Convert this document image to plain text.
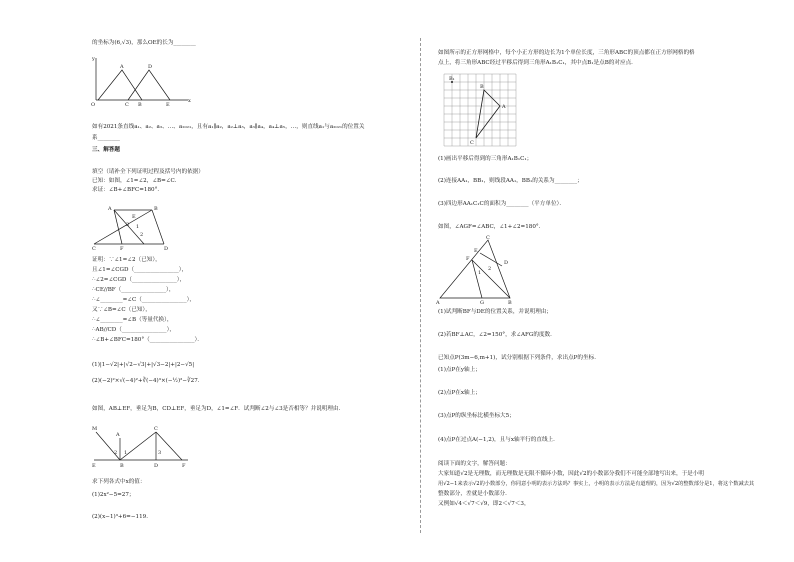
的坐标为(6,√3)，那么OE的长为________
y
A	D
O	C B	E
x
如有2021条直线a₁、a₂、a₃、…、a₂₀₂₁，且有a₁∥a₂，a₂⊥a₃，a₃∥a₄，a₄⊥a₅，…，则直线a₁与a₂₀₂₁的位置关
系________
三、解答题
填空（请补全下列证明过程及括号内的依据）
已知：如图，∠1=∠2，∠B=∠C．
求证：∠B+∠BFC=180°．
A	B
C	D
E
F
3 1
2
证明：∵∠1=∠2（已知），
且∠1=∠CGD（________________），
∴∠2=∠CGD（________________），
∴CE//BF（________________），
∴∠________=∠C（________________），
又∵∠B=∠C（已知），
∴∠________=∠B（等量代换），
∴AB//CD（________________），
∴∠B+∠BFC=180°（________________）．
(1)|1−√2|+|√2−√3|+|√3−2|+|2−√5|
(2)(−2)²×√(−4)²+∛(−4)³×(−½)²−∛27．
如图，AB⊥EF，垂足为B，CD⊥EF，垂足为D，∠1=∠F．试判断∠2与∠3是否相等？并说明理由．
M
A
C
2 1	3
E	B	D	F
求下列各式中x的值：
(1)2x²−5=27；
(2)(x−1)³+6=−119．
如图所示的正方形网格中，每个小正方形的边长为1个单位长度，三角形ABC的顶点都在正方形网格的格
点上，将三角形ABC经过平移后得到三角形A₁B₁C₁，其中点B₁是点B的对应点．
B₁
B
A
C
(1)画出平移后得到的三角形A₁B₁C₁；
(2)连接AA₁，BB₁，则线段AA₁，BB₁的关系为________；
(3)四边形AA₁C₁C的面积为________（平方单位）．
如图，∠AGF=∠ABC，∠1+∠2=180°．
C
E
F
D
1
2
A	G	B
(1)试判断BF与DE的位置关系，并说明理由；
(2)若BF⊥AC，∠2=150°，求∠AFG的度数．
已知点P(3m−6,m+1)，试分别根据下列条件，求出点P的坐标．
(1)点P在y轴上；
(2)点P在x轴上；
(3)点P的纵坐标比横坐标大5；
(4)点P在过点A(−1,2)，且与x轴平行的直线上．
阅读下面的文字，解答问题：
大家知道√2是无理数，而无理数是无限不循环小数，因此√2的小数部分我们不可能全部地写出来，于是小明
用√2−1来表示√2的小数部分，你同意小明的表示方法吗？事实上，小明的表示方法是有道理的，因为√2的整数部分是1，将这个数减去其
整数部分，差就是小数部分．
又例如√4＜√7＜√9，即2＜√7＜3，
